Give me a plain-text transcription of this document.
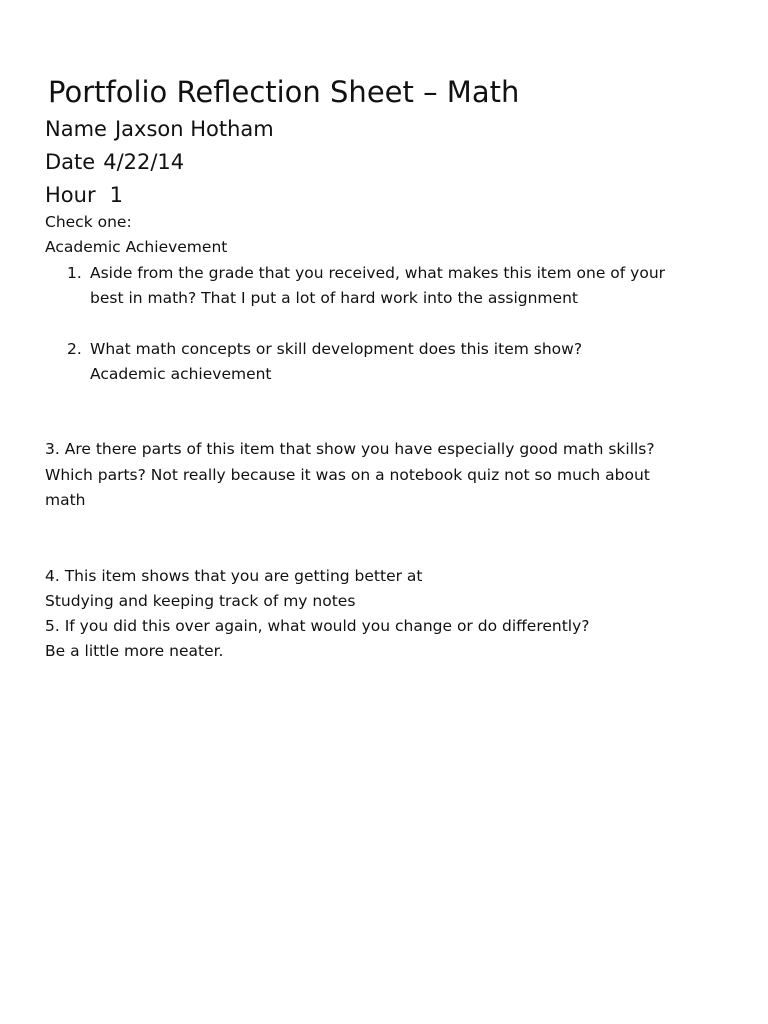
Portfolio Reflection Sheet – Math
Name Jaxson Hotham
Date 4/22/14
Hour 1
Check one:
Academic Achievement
1. Aside from the grade that you received, what makes this item one of your
best in math? That I put a lot of hard work into the assignment
2. What math concepts or skill development does this item show?
Academic achievement
3. Are there parts of this item that show you have especially good math skills?
Which parts? Not really because it was on a notebook quiz not so much about
math
4. This item shows that you are getting better at
Studying and keeping track of my notes
5. If you did this over again, what would you change or do differently?
Be a little more neater.
